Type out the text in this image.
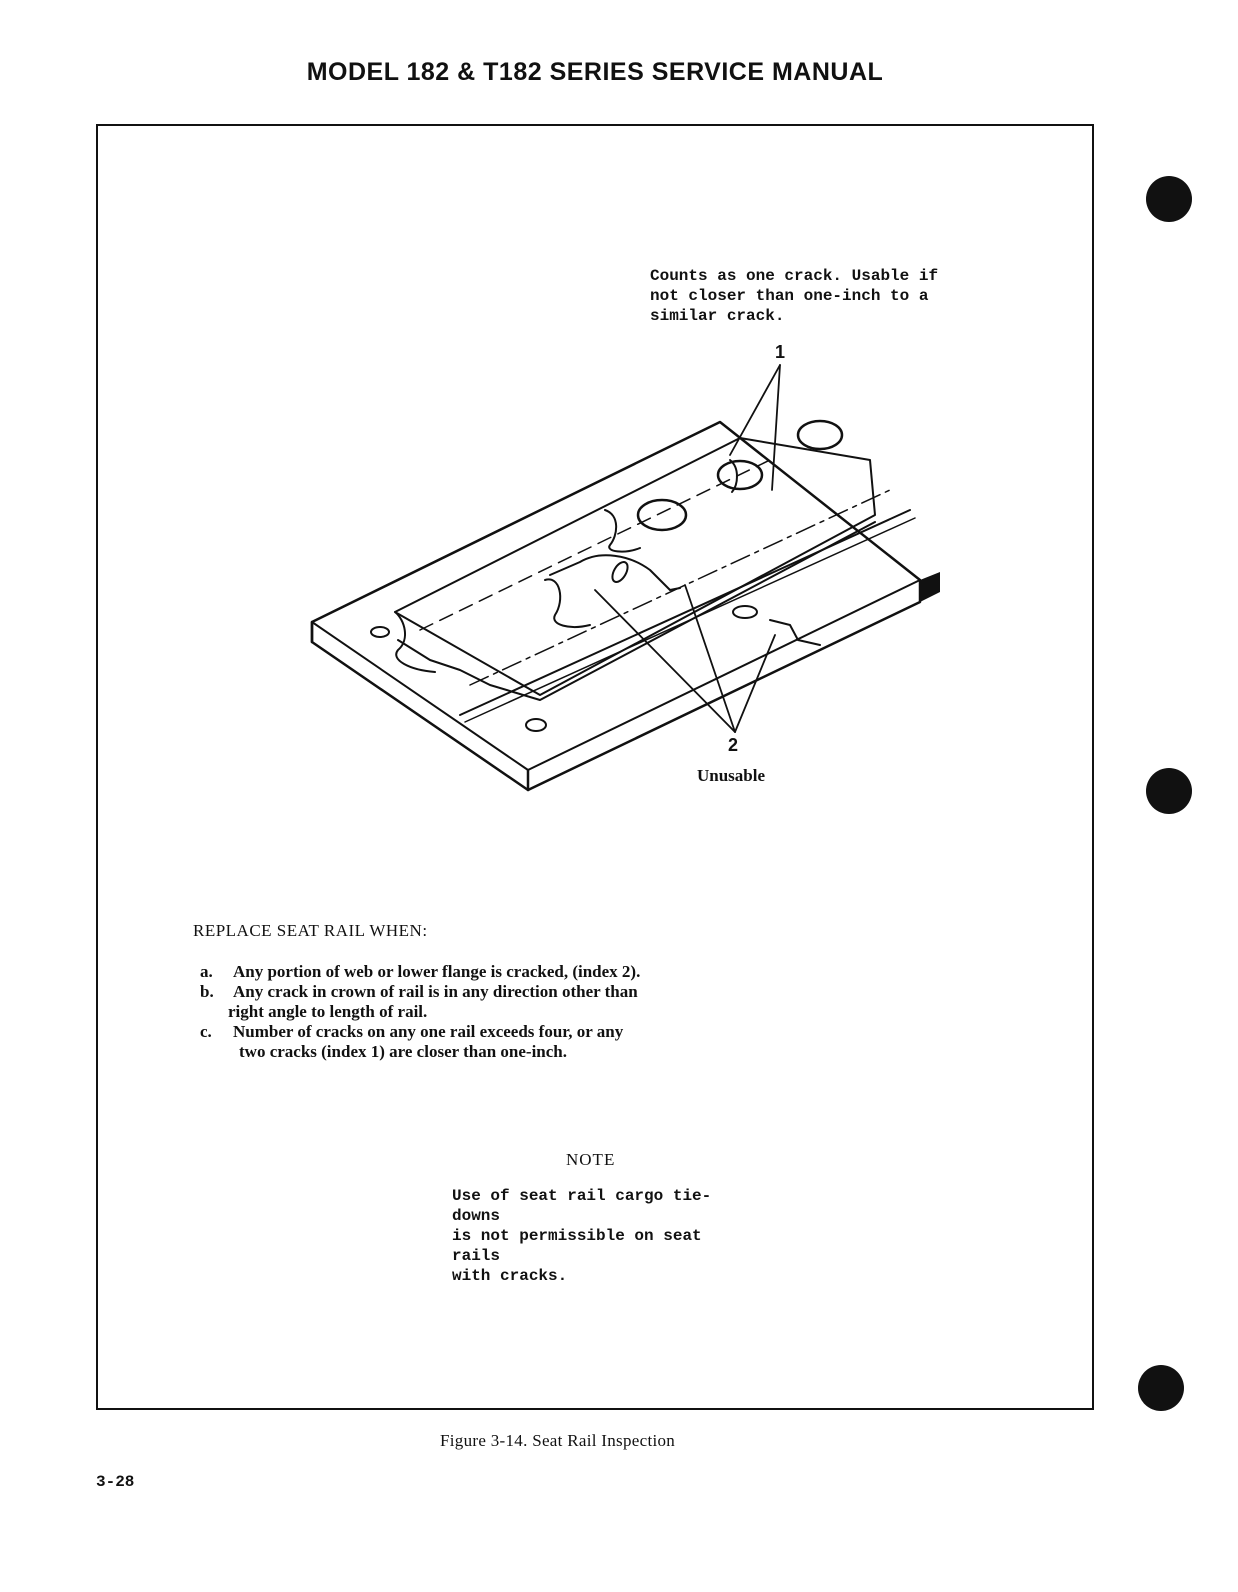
MODEL 182 & T182 SERIES SERVICE MANUAL
Counts as one crack. Usable if
not closer than one-inch to a
similar crack.
1
2
Unusable
REPLACE SEAT RAIL WHEN:
a. Any portion of web or lower flange is cracked, (index 2).
b. Any crack in crown of rail is in any direction other than
right angle to length of rail.
c. Number of cracks on any one rail exceeds four, or any
two cracks (index 1) are closer than one-inch.
NOTE
Use of seat rail cargo tie-downs
is not permissible on seat rails
with cracks.
Figure 3-14. Seat Rail Inspection
3-28
